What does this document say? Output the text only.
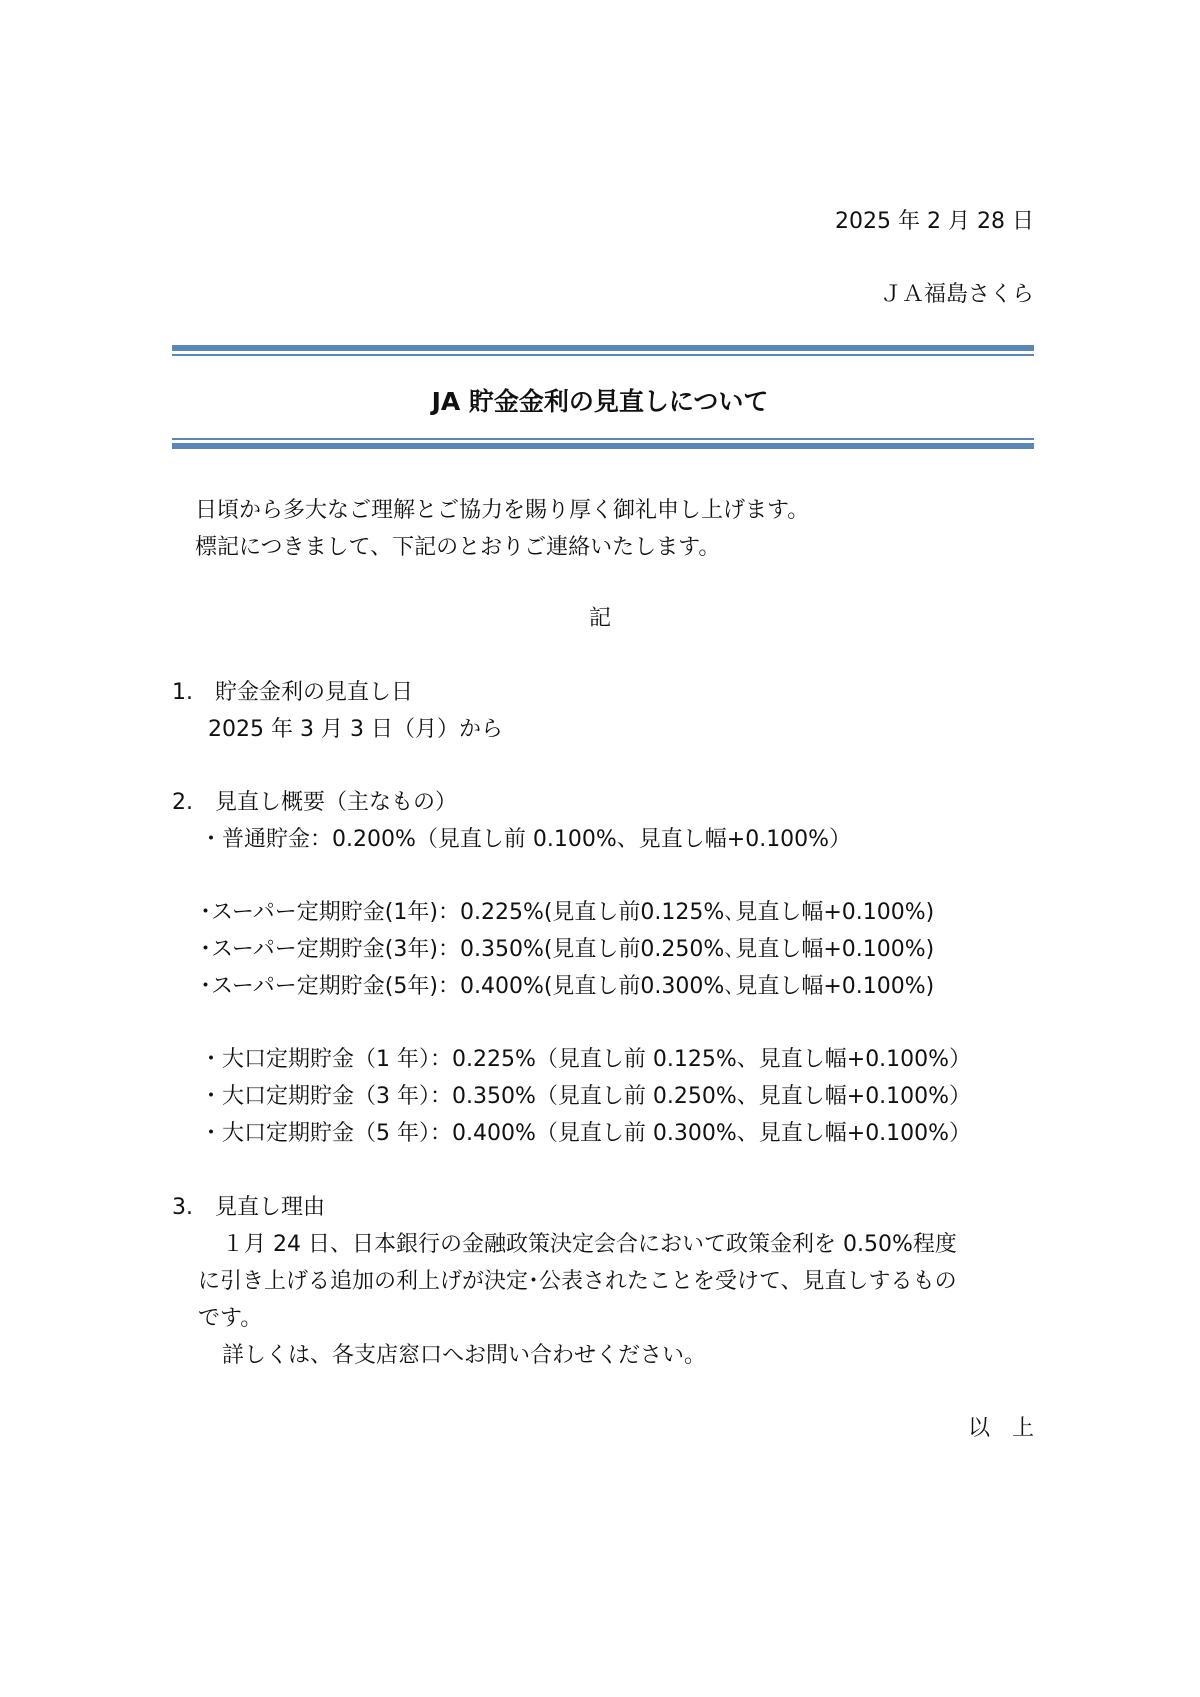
2025 年 2 月 28 日
ＪＡ福島さくら
JA 貯金金利の見直しについて
日頃から多大なご理解とご協力を賜り厚く御礼申し上げます。
標記につきまして、下記のとおりご連絡いたします。
記
1.　貯金金利の見直し日
2025 年 3 月 3 日（月）から
2.　見直し概要（主なもの）
・普通貯金：0.200%（見直し前 0.100%、見直し幅+0.100%）
･スーパー定期貯金(1年)：0.225%(見直し前0.125%､見直し幅+0.100%)
･スーパー定期貯金(3年)：0.350%(見直し前0.250%､見直し幅+0.100%)
･スーパー定期貯金(5年)：0.400%(見直し前0.300%､見直し幅+0.100%)
・大口定期貯金（1 年）：0.225%（見直し前 0.125%、見直し幅+0.100%）
・大口定期貯金（3 年）：0.350%（見直し前 0.250%、見直し幅+0.100%）
・大口定期貯金（5 年）：0.400%（見直し前 0.300%、見直し幅+0.100%）
3.　見直し理由
１月 24 日、日本銀行の金融政策決定会合において政策金利を 0.50%程度
に引き上げる追加の利上げが決定･公表されたことを受けて、見直しするもの
です。
詳しくは、各支店窓口へお問い合わせください。
以　上
